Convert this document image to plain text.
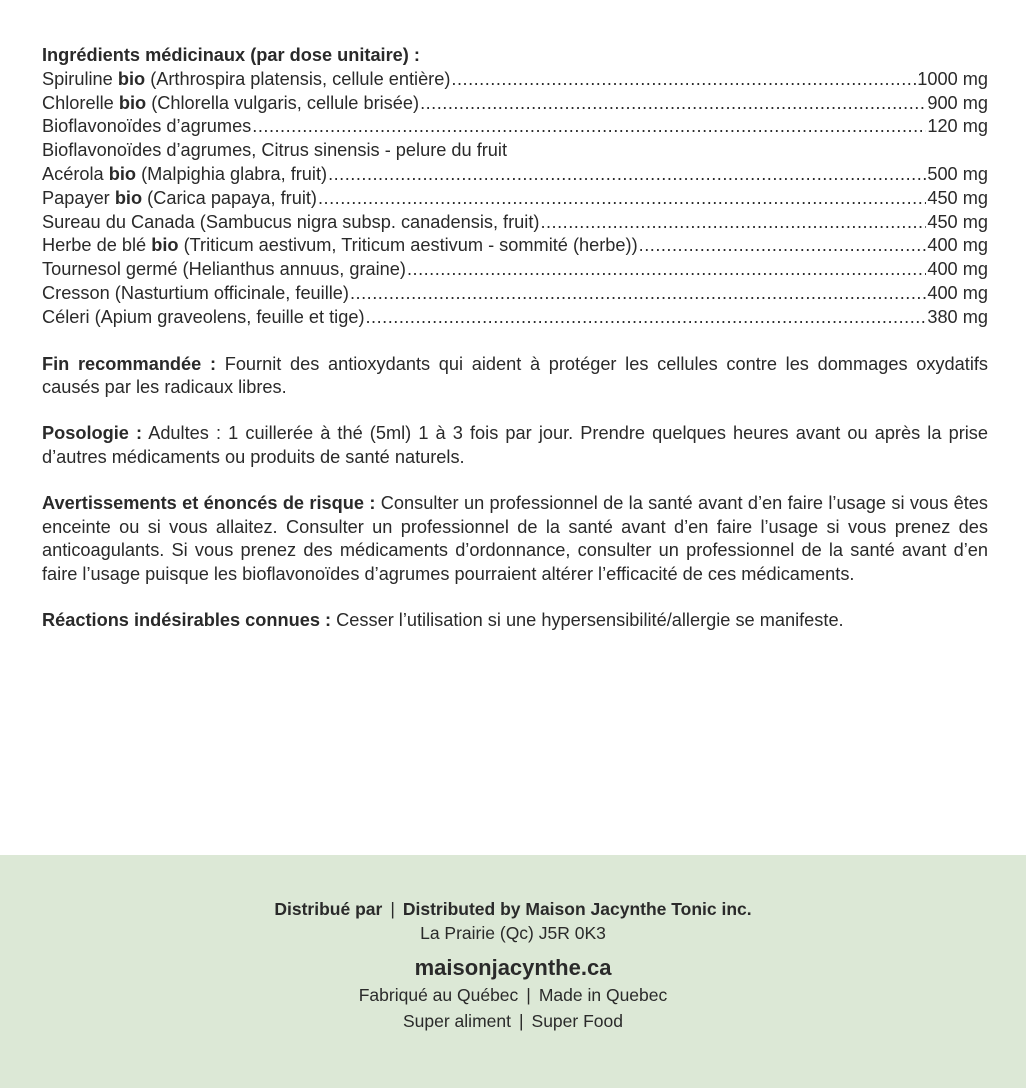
Ingrédients médicinaux (par dose unitaire) :

Spiruline bio (Arthrospira platensis, cellule entière) .....	1000 mg
Chlorelle bio (Chlorella vulgaris, cellule brisée) .....	900 mg
Bioflavonoïdes d’agrumes .....	120 mg
Bioflavonoïdes d’agrumes, Citrus sinensis - pelure du fruit
Acérola bio (Malpighia glabra, fruit) .....	500 mg
Papayer bio (Carica papaya, fruit) .....	450 mg
Sureau du Canada (Sambucus nigra subsp. canadensis, fruit) .....	450 mg
Herbe de blé bio (Triticum aestivum, Triticum aestivum - sommité (herbe)) .....	400 mg
Tournesol germé (Helianthus annuus, graine) .....	400 mg
Cresson (Nasturtium officinale, feuille) .....	400 mg
Céleri (Apium graveolens, feuille et tige) .....	380 mg

Fin recommandée : Fournit des antioxydants qui aident à protéger les cellules contre les dommages oxydatifs causés par les radicaux libres.

Posologie : Adultes : 1 cuillerée à thé (5ml) 1 à 3 fois par jour. Prendre quelques heures avant ou après la prise d’autres médicaments ou produits de santé naturels.

Avertissements et énoncés de risque : Consulter un professionnel de la santé avant d’en faire l’usage si vous êtes enceinte ou si vous allaitez. Consulter un professionnel de la santé avant d’en faire l’usage si vous prenez des anticoagulants. Si vous prenez des médicaments d’ordonnance, consulter un professionnel de la santé avant d’en faire l’usage puisque les bioflavonoïdes d’agrumes pourraient altérer l’efficacité de ces médicaments.

Réactions indésirables connues : Cesser l’utilisation si une hypersensibilité/allergie se manifeste.

Distribué par | Distributed by Maison Jacynthe Tonic inc.
La Prairie (Qc) J5R 0K3
maisonjacynthe.ca
Fabriqué au Québec | Made in Quebec
Super aliment | Super Food
